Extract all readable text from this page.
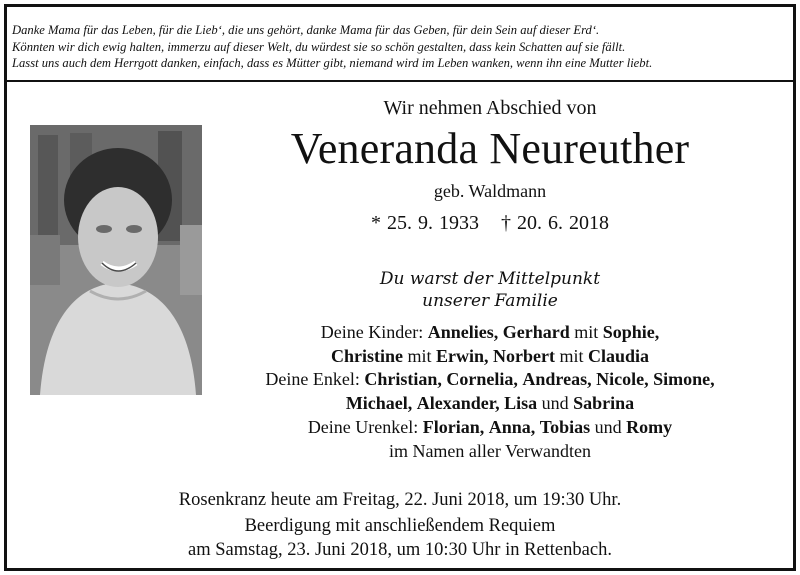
Danke Mama für das Leben, für die Lieb‘, die uns gehört, danke Mama für das Geben, für dein Sein auf dieser Erd‘.
Könnten wir dich ewig halten, immerzu auf dieser Welt, du würdest sie so schön gestalten, dass kein Schatten auf sie fällt.
Lasst uns auch dem Herrgott danken, einfach, dass es Mütter gibt, niemand wird im Leben wanken, wenn ihn eine Mutter liebt.
Wir nehmen Abschied von
Veneranda Neureuther
geb. Waldmann
* 25. 9. 1933 † 20. 6. 2018
Du warst der Mittelpunkt
unserer Familie
Deine Kinder: Annelies, Gerhard mit Sophie,
Christine mit Erwin, Norbert mit Claudia
Deine Enkel: Christian, Cornelia, Andreas, Nicole, Simone,
Michael, Alexander, Lisa und Sabrina
Deine Urenkel: Florian, Anna, Tobias und Romy
im Namen aller Verwandten
Rosenkranz heute am Freitag, 22. Juni 2018, um 19:30 Uhr.
Beerdigung mit anschließendem Requiem
am Samstag, 23. Juni 2018, um 10:30 Uhr in Rettenbach.
